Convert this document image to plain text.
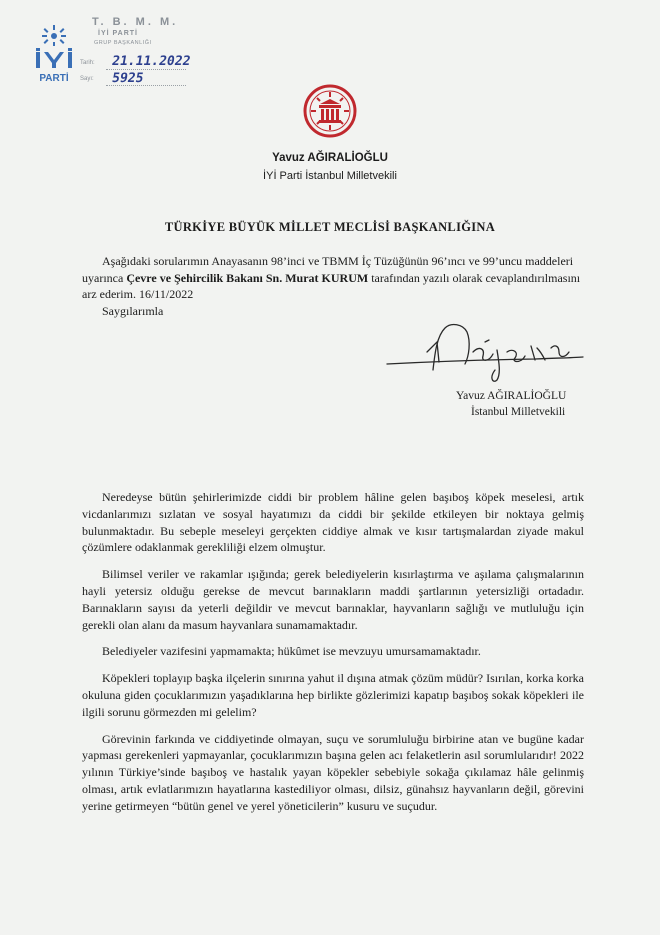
PARTİ
T. B. M. M.
İYİ PARTİ
GRUP BAŞKANLIĞI
Tarih:
Sayı:
21.11.2022
5925
Yavuz AĞIRALİOĞLU
İYİ Parti İstanbul Milletvekili
TÜRKİYE BÜYÜK MİLLET MECLİSİ BAŞKANLIĞINA

Aşağıdaki sorularımın Anayasanın 98’inci ve TBMM İç Tüzüğünün 96’ıncı ve 99’uncu maddeleri uyarınca Çevre ve Şehircilik Bakanı Sn. Murat KURUM tarafından yazılı olarak cevaplandırılmasını arz ederim. 16/11/2022

Saygılarımla

Yavuz AĞIRALİOĞLU
İstanbul Milletvekili

Neredeyse bütün şehirlerimizde ciddi bir problem hâline gelen başıboş köpek meselesi, artık vicdanlarımızı sızlatan ve sosyal hayatımızı da ciddi bir şekilde etkileyen bir noktaya gelmiş bulunmaktadır. Bu sebeple meseleyi gerçekten ciddiye almak ve kısır tartışmalardan ziyade makul çözümlere odaklanmak gerekliliği elzem olmuştur.

Bilimsel veriler ve rakamlar ışığında; gerek belediyelerin kısırlaştırma ve aşılama çalışmalarının hayli yetersiz olduğu gerekse de mevcut barınakların maddi şartlarının yetersizliği ortadadır. Barınakların sayısı da yeterli değildir ve mevcut barınaklar, hayvanların sağlığı ve mutluluğu için gerekli olan alanı da masum hayvanlara sunamamaktadır.

Belediyeler vazifesini yapmamakta; hükûmet ise mevzuyu umursamamaktadır.

Köpekleri toplayıp başka ilçelerin sınırına yahut il dışına atmak çözüm müdür? Isırılan, korka korka okuluna giden çocuklarımızın yaşadıklarına hep birlikte gözlerimizi kapatıp başıboş sokak köpekleri ile ilgili sorunu görmezden mi gelelim?

Görevinin farkında ve ciddiyetinde olmayan, suçu ve sorumluluğu birbirine atan ve bugüne kadar yapması gerekenleri yapmayanlar, çocuklarımızın başına gelen acı felaketlerin asıl sorumlularıdır! 2022 yılının Türkiye’sinde başıboş ve hastalık yayan köpekler sebebiyle sokağa çıkılamaz hâle gelinmiş olması, artık evlatlarımızın hayatlarına kastediliyor olması, dilsiz, günahsız hayvanların değil, görevini yerine getirmeyen “bütün genel ve yerel yöneticilerin” kusuru ve suçudur.
